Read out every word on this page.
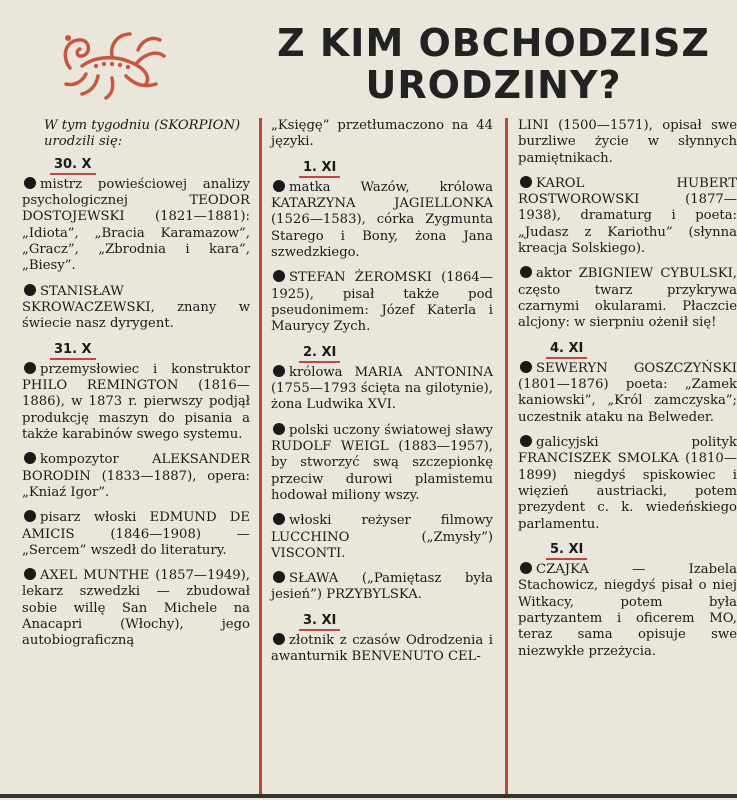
Z KIM OBCHODZISZ
URODZINY?
W tym tygodniu (SKORPION) urodzili się:
30. X
mistrz powieściowej analizy psychologicznej TEODOR DOSTOJEWSKI (1821—1881): „Idiota”, „Bracia Karamazow”, „Gracz”, „Zbrodnia i kara”, „Biesy”.
STANISŁAW SKROWACZEWSKI, znany w świecie nasz dyrygent.
31. X
przemysłowiec i konstruktor PHILO REMINGTON (1816—1886), w 1873 r. pierwszy podjął produkcję maszyn do pisania a także karabinów swego systemu.
kompozytor ALEKSANDER BORODIN (1833—1887), opera: „Kniaź Igor”.
pisarz włoski EDMUND DE AMICIS (1846—1908) — „Sercem” wszedł do literatury.
AXEL MUNTHE (1857—1949), lekarz szwedzki — zbudował sobie willę San Michele na Anacapri (Włochy), jego autobiograficzną
„Księgę” przetłumaczono na 44 języki.
1. XI
matka Wazów, królowa KATARZYNA JAGIELLONKA (1526—1583), córka Zygmunta Starego i Bony, żona Jana szwedzkiego.
STEFAN ŻEROMSKI (1864—1925), pisał także pod pseudonimem: Józef Katerla i Maurycy Zych.
2. XI
królowa MARIA ANTONINA (1755—1793 ścięta na gilotynie), żona Ludwika XVI.
polski uczony światowej sławy RUDOLF WEIGL (1883—1957), by stworzyć swą szczepionkę przeciw durowi plamistemu hodował miliony wszy.
włoski reżyser filmowy LUCCHINO („Zmysły”) VISCONTI.
SŁAWA („Pamiętasz była jesień”) PRZYBYLSKA.
3. XI
złotnik z czasów Odrodzenia i awanturnik BENVENUTO CEL-
LINI (1500—1571), opisał swe burzliwe życie w słynnych pamiętnikach.
KAROL HUBERT ROSTWOROWSKI (1877—1938), dramaturg i poeta: „Judasz z Kariothu” (słynna kreacja Solskiego).
aktor ZBIGNIEW CYBULSKI, często twarz przykrywa czarnymi okularami. Płaczcie alcjony: w sierpniu ożenił się!
4. XI
SEWERYN GOSZCZYŃSKI (1801—1876) poeta: „Zamek kaniowski”, „Król zamczyska”; uczestnik ataku na Belweder.
galicyjski polityk FRANCISZEK SMOLKA (1810—1899) niegdyś spiskowiec i więzień austriacki, potem prezydent c. k. wiedeńskiego parlamentu.
5. XI
CZAJKA — Izabela Stachowicz, niegdyś pisał o niej Witkacy, potem była partyzantem i oficerem MO, teraz sama opisuje swe niezwykłe przeżycia.
